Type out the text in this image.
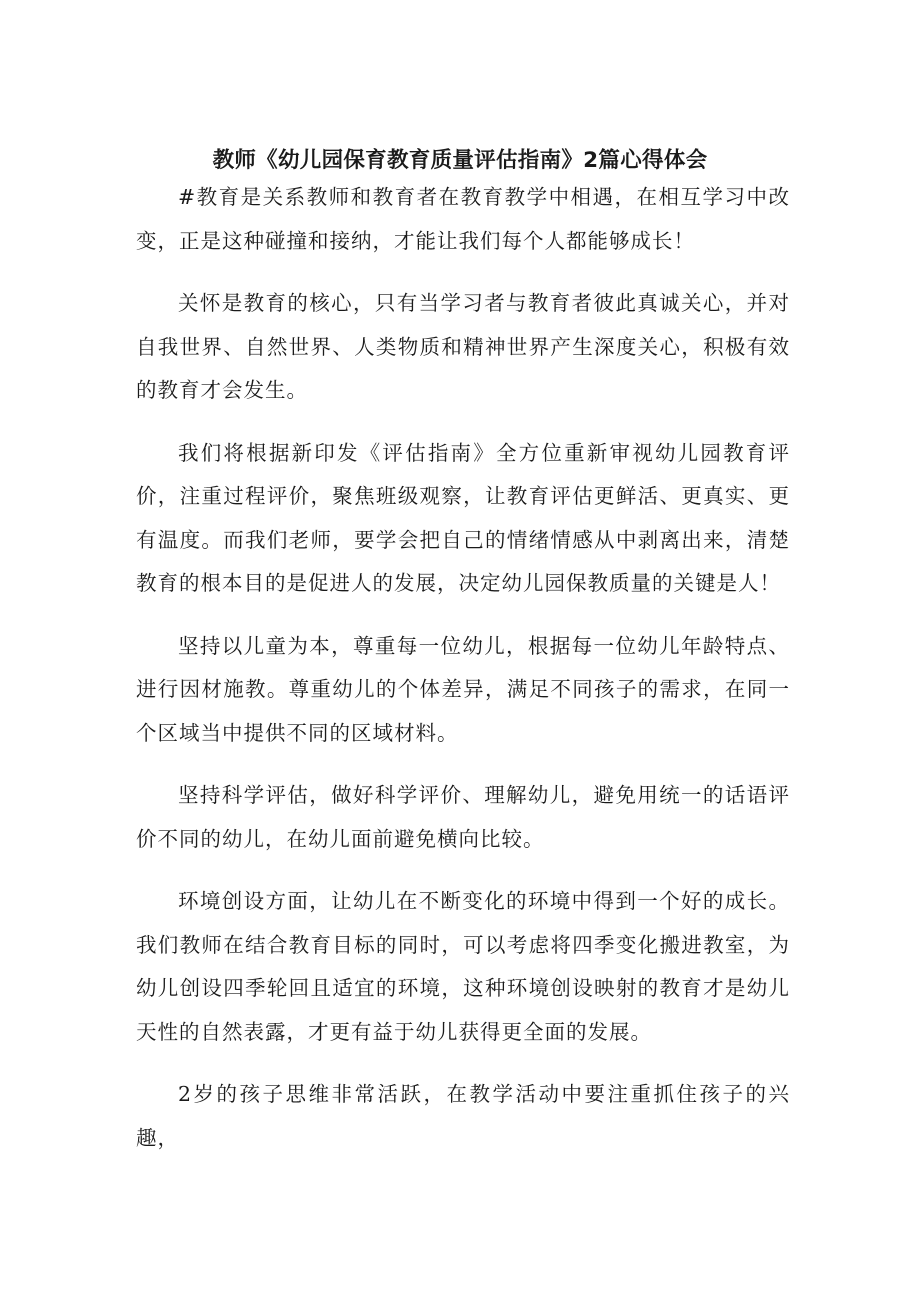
教师《幼儿园保育教育质量评估指南》2篇心得体会

#教育是关系教师和教育者在教育教学中相遇，在相互学习中改变，正是这种碰撞和接纳，才能让我们每个人都能够成长！

关怀是教育的核心，只有当学习者与教育者彼此真诚关心，并对自我世界、自然世界、人类物质和精神世界产生深度关心，积极有效的教育才会发生。

我们将根据新印发《评估指南》全方位重新审视幼儿园教育评价，注重过程评价，聚焦班级观察，让教育评估更鲜活、更真实、更有温度。而我们老师，要学会把自己的情绪情感从中剥离出来，清楚教育的根本目的是促进人的发展，决定幼儿园保教质量的关键是人！

坚持以儿童为本，尊重每一位幼儿，根据每一位幼儿年龄特点、进行因材施教。尊重幼儿的个体差异，满足不同孩子的需求，在同一个区域当中提供不同的区域材料。

坚持科学评估，做好科学评价、理解幼儿，避免用统一的话语评价不同的幼儿，在幼儿面前避免横向比较。

环境创设方面，让幼儿在不断变化的环境中得到一个好的成长。我们教师在结合教育目标的同时，可以考虑将四季变化搬进教室，为幼儿创设四季轮回且适宜的环境，这种环境创设映射的教育才是幼儿天性的自然表露，才更有益于幼儿获得更全面的发展。

2岁的孩子思维非常活跃，在教学活动中要注重抓住孩子的兴趣，
